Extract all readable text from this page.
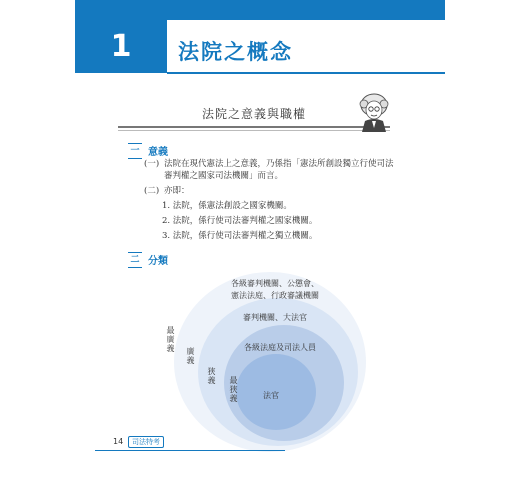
1	法院之概念
法院之意義與職權
一 意義
(一) 法院在現代憲法上之意義，乃係指「憲法所創設獨立行使司法
審判權之國家司法機關」而言。
(二) 亦即：
1. 法院，係憲法創設之國家機關。
2. 法院，係行使司法審判權之國家機關。
3. 法院，係行使司法審判權之獨立機關。
二 分類
各級審判機關、公懲會、
憲法法庭、行政審議機關
審判機關、大法官
各級法庭及司法人員
法官
最廣義 廣義
狹義 最狹義
14	司法特考
